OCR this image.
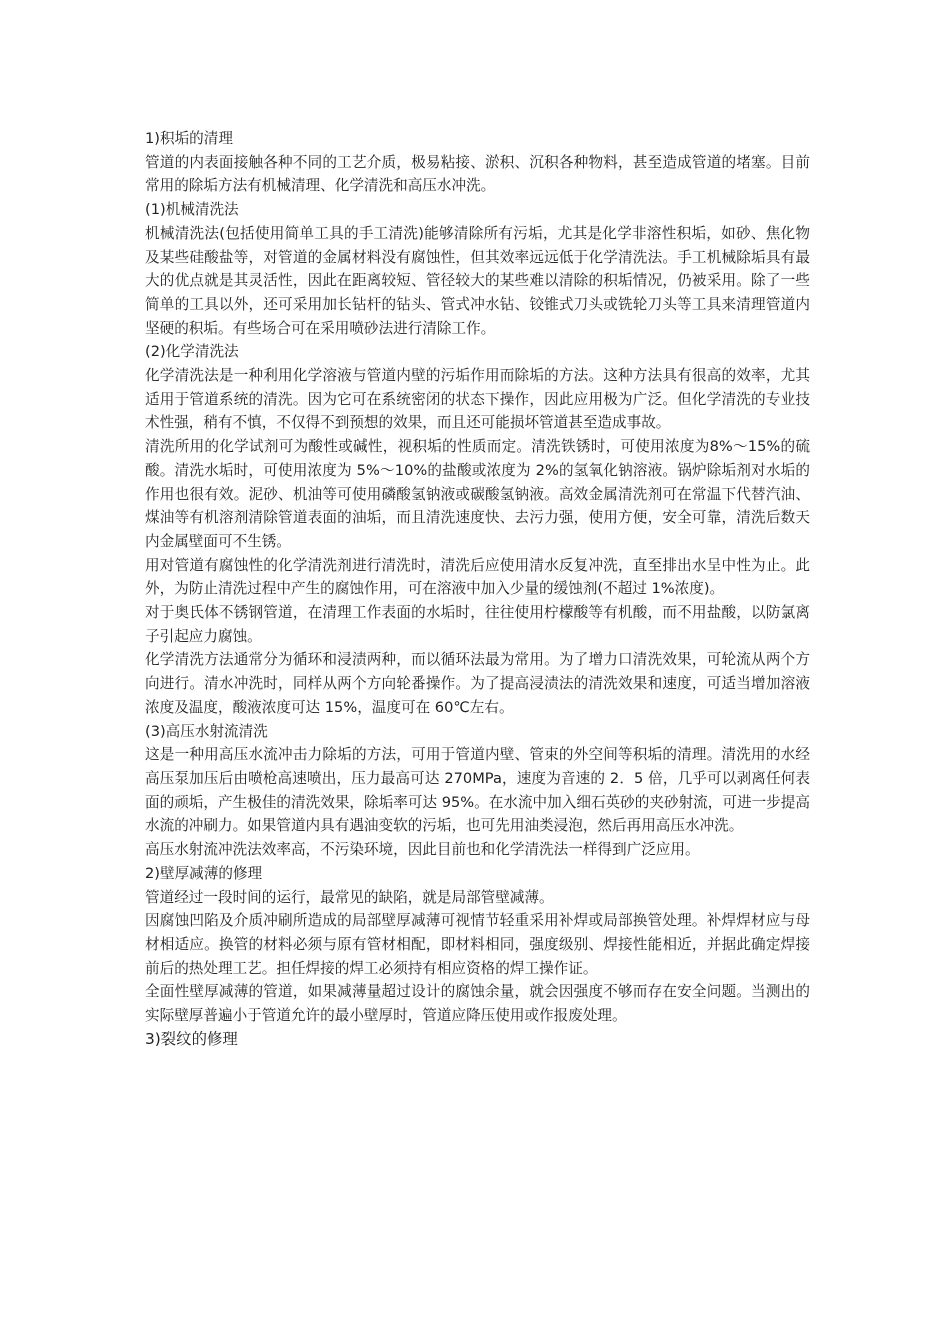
1)积垢的清理

管道的内表面接触各种不同的工艺介质，极易粘接、淤积、沉积各种物料，甚至造成管道的堵塞。目前常用的除垢方法有机械清理、化学清洗和高压水冲洗。

(1)机械清洗法

机械清洗法(包括使用简单工具的手工清洗)能够清除所有污垢，尤其是化学非溶性积垢，如砂、焦化物及某些硅酸盐等，对管道的金属材料没有腐蚀性，但其效率远远低于化学清洗法。手工机械除垢具有最大的优点就是其灵活性，因此在距离较短、管径较大的某些难以清除的积垢情况，仍被采用。除了一些简单的工具以外，还可采用加长钻杆的钻头、管式冲水钻、铰锥式刀头或铣轮刀头等工具来清理管道内坚硬的积垢。有些场合可在采用喷砂法进行清除工作。

(2)化学清洗法

化学清洗法是一种利用化学溶液与管道内壁的污垢作用而除垢的方法。这种方法具有很高的效率，尤其适用于管道系统的清洗。因为它可在系统密闭的状态下操作，因此应用极为广泛。但化学清洗的专业技术性强，稍有不慎，不仅得不到预想的效果，而且还可能损坏管道甚至造成事故。

清洗所用的化学试剂可为酸性或碱性，视积垢的性质而定。清洗铁锈时，可使用浓度为8%～15%的硫酸。清洗水垢时，可使用浓度为 5%～10%的盐酸或浓度为 2%的氢氧化钠溶液。锅炉除垢剂对水垢的作用也很有效。泥砂、机油等可使用磷酸氢钠液或碳酸氢钠液。高效金属清洗剂可在常温下代替汽油、煤油等有机溶剂清除管道表面的油垢，而且清洗速度快、去污力强，使用方便，安全可靠，清洗后数天内金属壁面可不生锈。

用对管道有腐蚀性的化学清洗剂进行清洗时，清洗后应使用清水反复冲洗，直至排出水呈中性为止。此外，为防止清洗过程中产生的腐蚀作用，可在溶液中加入少量的缓蚀剂(不超过 1%浓度)。

对于奥氏体不锈钢管道，在清理工作表面的水垢时，往往使用柠檬酸等有机酸，而不用盐酸，以防氯离子引起应力腐蚀。

化学清洗方法通常分为循环和浸渍两种，而以循环法最为常用。为了增力口清洗效果，可轮流从两个方向进行。清水冲洗时，同样从两个方向轮番操作。为了提高浸渍法的清洗效果和速度，可适当增加溶液浓度及温度，酸液浓度可达 15%，温度可在 60℃左右。

(3)高压水射流清洗

这是一种用高压水流冲击力除垢的方法，可用于管道内壁、管束的外空间等积垢的清理。清洗用的水经高压泵加压后由喷枪高速喷出，压力最高可达 270MPa，速度为音速的 2．5 倍，几乎可以剥离任何表面的顽垢，产生极佳的清洗效果，除垢率可达 95%。在水流中加入细石英砂的夹砂射流，可进一步提高水流的冲刷力。如果管道内具有遇油变软的污垢，也可先用油类浸泡，然后再用高压水冲洗。

高压水射流冲洗法效率高，不污染环境，因此目前也和化学清洗法一样得到广泛应用。

2)壁厚减薄的修理

管道经过一段时间的运行，最常见的缺陷，就是局部管壁减薄。

因腐蚀凹陷及介质冲刷所造成的局部壁厚减薄可视情节轻重采用补焊或局部换管处理。补焊焊材应与母材相适应。换管的材料必须与原有管材相配，即材料相同，强度级别、焊接性能相近，并据此确定焊接前后的热处理工艺。担任焊接的焊工必须持有相应资格的焊工操作证。

全面性壁厚减薄的管道，如果减薄量超过设计的腐蚀余量，就会因强度不够而存在安全问题。当测出的实际壁厚普遍小于管道允许的最小壁厚时，管道应降压使用或作报废处理。

3)裂纹的修理
